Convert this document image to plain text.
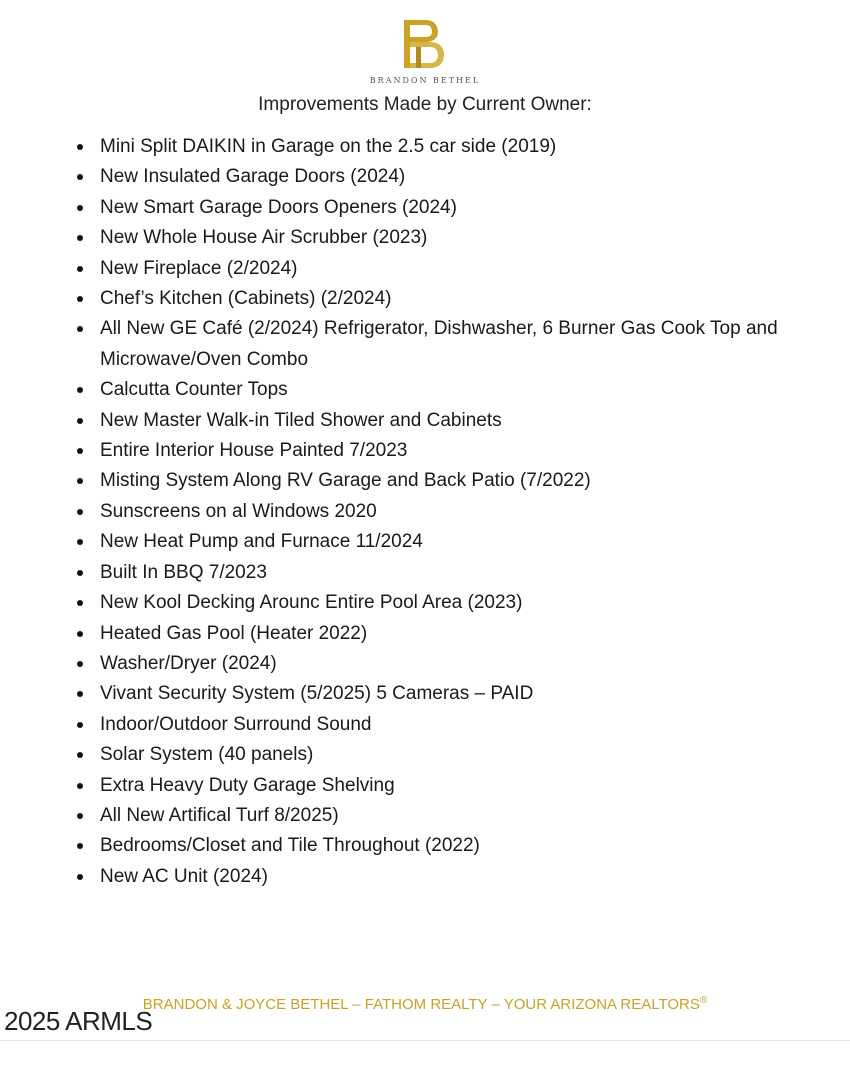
BRANDON BETHEL
Improvements Made by Current Owner:
Mini Split DAIKIN in Garage on the 2.5 car side (2019)
New Insulated Garage Doors (2024)
New Smart Garage Doors Openers (2024)
New Whole House Air Scrubber (2023)
New Fireplace (2/2024)
Chef’s Kitchen (Cabinets) (2/2024)
All New GE Café (2/2024) Refrigerator, Dishwasher, 6 Burner Gas Cook Top and Microwave/Oven Combo
Calcutta Counter Tops
New Master Walk-in Tiled Shower and Cabinets
Entire Interior House Painted 7/2023
Misting System Along RV Garage and Back Patio (7/2022)
Sunscreens on al Windows 2020
New Heat Pump and Furnace 11/2024
Built In BBQ 7/2023
New Kool Decking Arounc Entire Pool Area (2023)
Heated Gas Pool (Heater 2022)
Washer/Dryer (2024)
Vivant Security System (5/2025) 5 Cameras – PAID
Indoor/Outdoor Surround Sound
Solar System (40 panels)
Extra Heavy Duty Garage Shelving
All New Artifical Turf 8/2025)
Bedrooms/Closet and Tile Throughout (2022)
New AC Unit (2024)
BRANDON & JOYCE BETHEL – FATHOM REALTY – YOUR ARIZONA REALTORS®
2025 ARMLS
